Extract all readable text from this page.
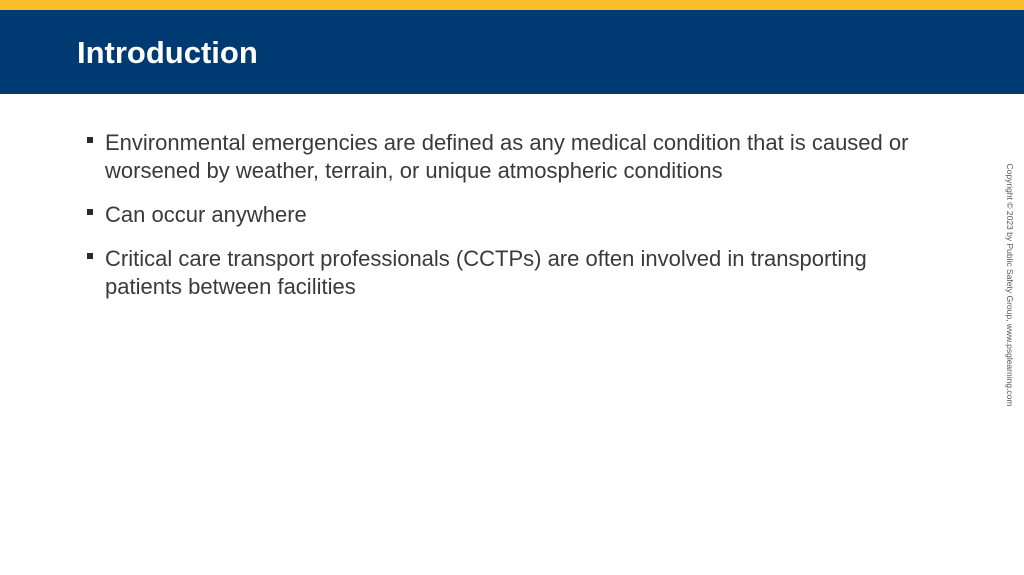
Introduction
Environmental emergencies are defined as any medical condition that is caused or worsened by weather, terrain, or unique atmospheric conditions
Can occur anywhere
Critical care transport professionals (CCTPs) are often involved in transporting patients between facilities	Copyright © 2023 by Public Safety Group, www.psglearning.com
